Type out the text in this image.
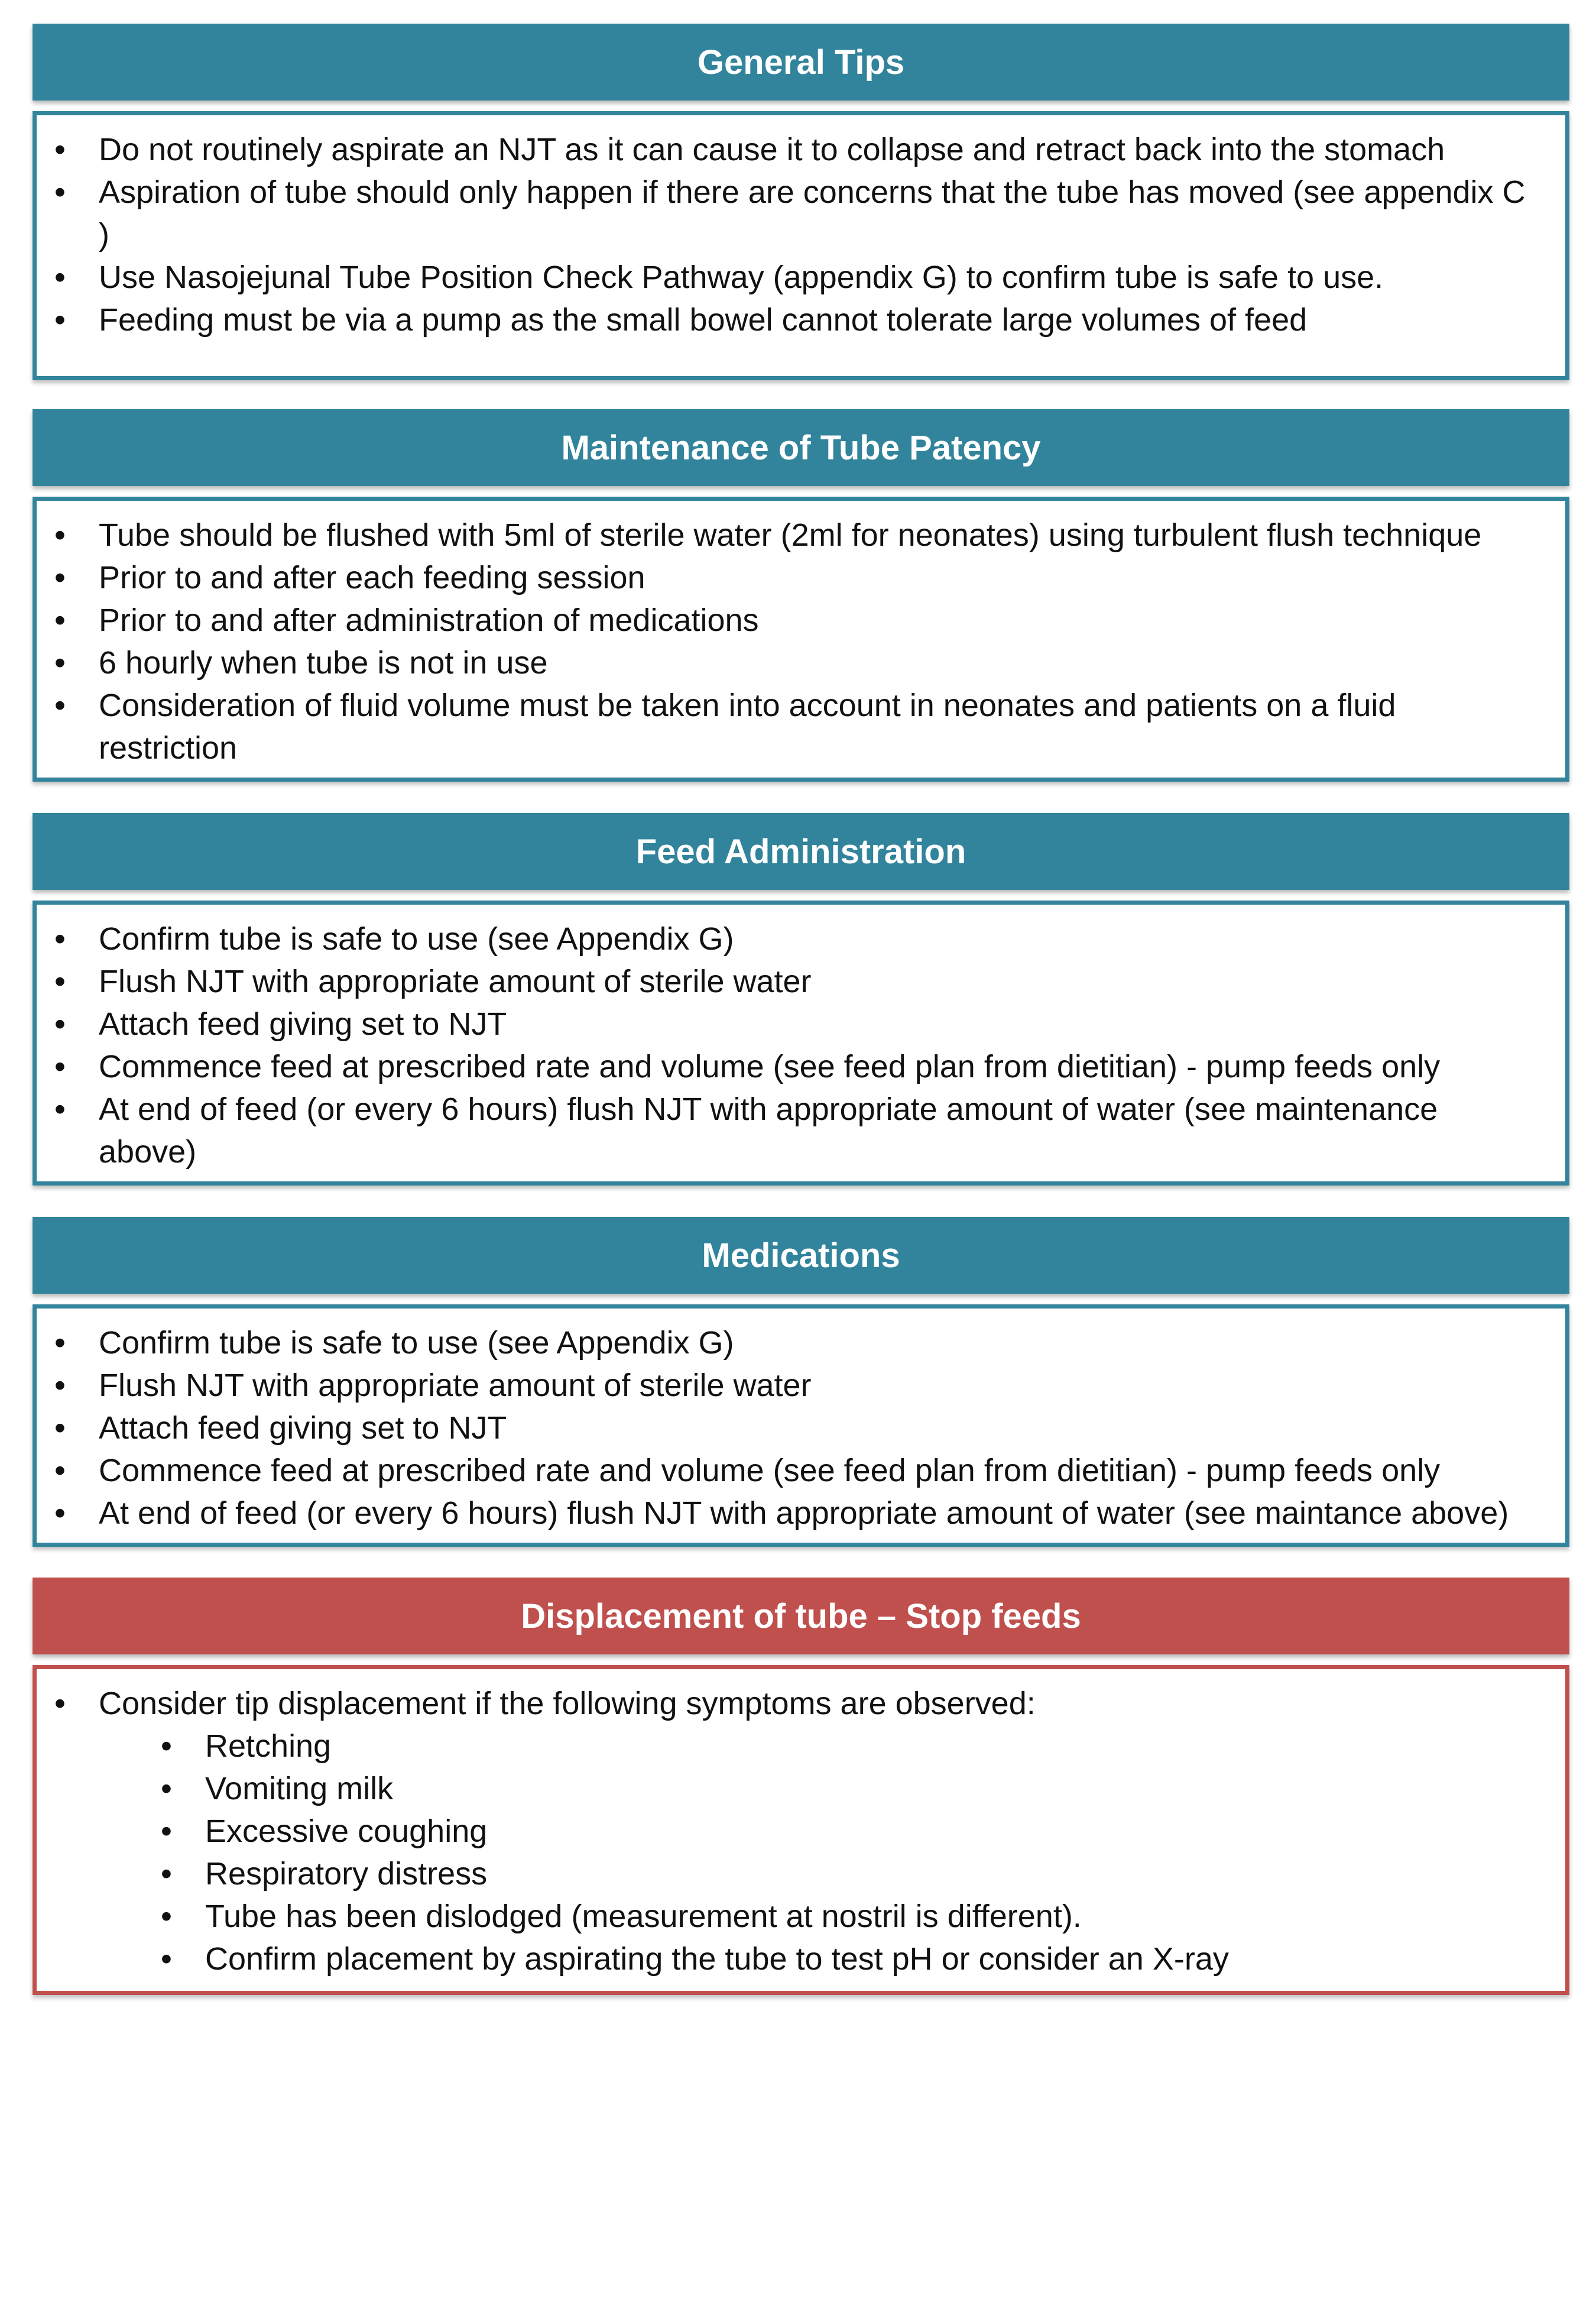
General Tips
• Do not routinely aspirate an NJT as it can cause it to collapse and retract back into the stomach
• Aspiration of tube should only happen if there are concerns that the tube has moved (see appendix C )
• Use Nasojejunal Tube Position Check Pathway (appendix G) to confirm tube is safe to use.
• Feeding must be via a pump as the small bowel cannot tolerate large volumes of feed
Maintenance of Tube Patency
• Tube should be flushed with 5ml of sterile water (2ml for neonates) using turbulent flush technique
• Prior to and after each feeding session
• Prior to and after administration of medications
• 6 hourly when tube is not in use
• Consideration of fluid volume must be taken into account in neonates and patients on a fluid restriction
Feed Administration
• Confirm tube is safe to use (see Appendix G)
• Flush NJT with appropriate amount of sterile water
• Attach feed giving set to NJT
• Commence feed at prescribed rate and volume (see feed plan from dietitian) - pump feeds only
• At end of feed (or every 6 hours) flush NJT with appropriate amount of water (see maintenance above)
Medications
• Confirm tube is safe to use (see Appendix G)
• Flush NJT with appropriate amount of sterile water
• Attach feed giving set to NJT
• Commence feed at prescribed rate and volume (see feed plan from dietitian) - pump feeds only
• At end of feed (or every 6 hours) flush NJT with appropriate amount of water (see maintance above)
Displacement of tube – Stop feeds
• Consider tip displacement if the following symptoms are observed:
• Retching
• Vomiting milk
• Excessive coughing
• Respiratory distress
• Tube has been dislodged (measurement at nostril is different).
• Confirm placement by aspirating the tube to test pH or consider an X-ray
